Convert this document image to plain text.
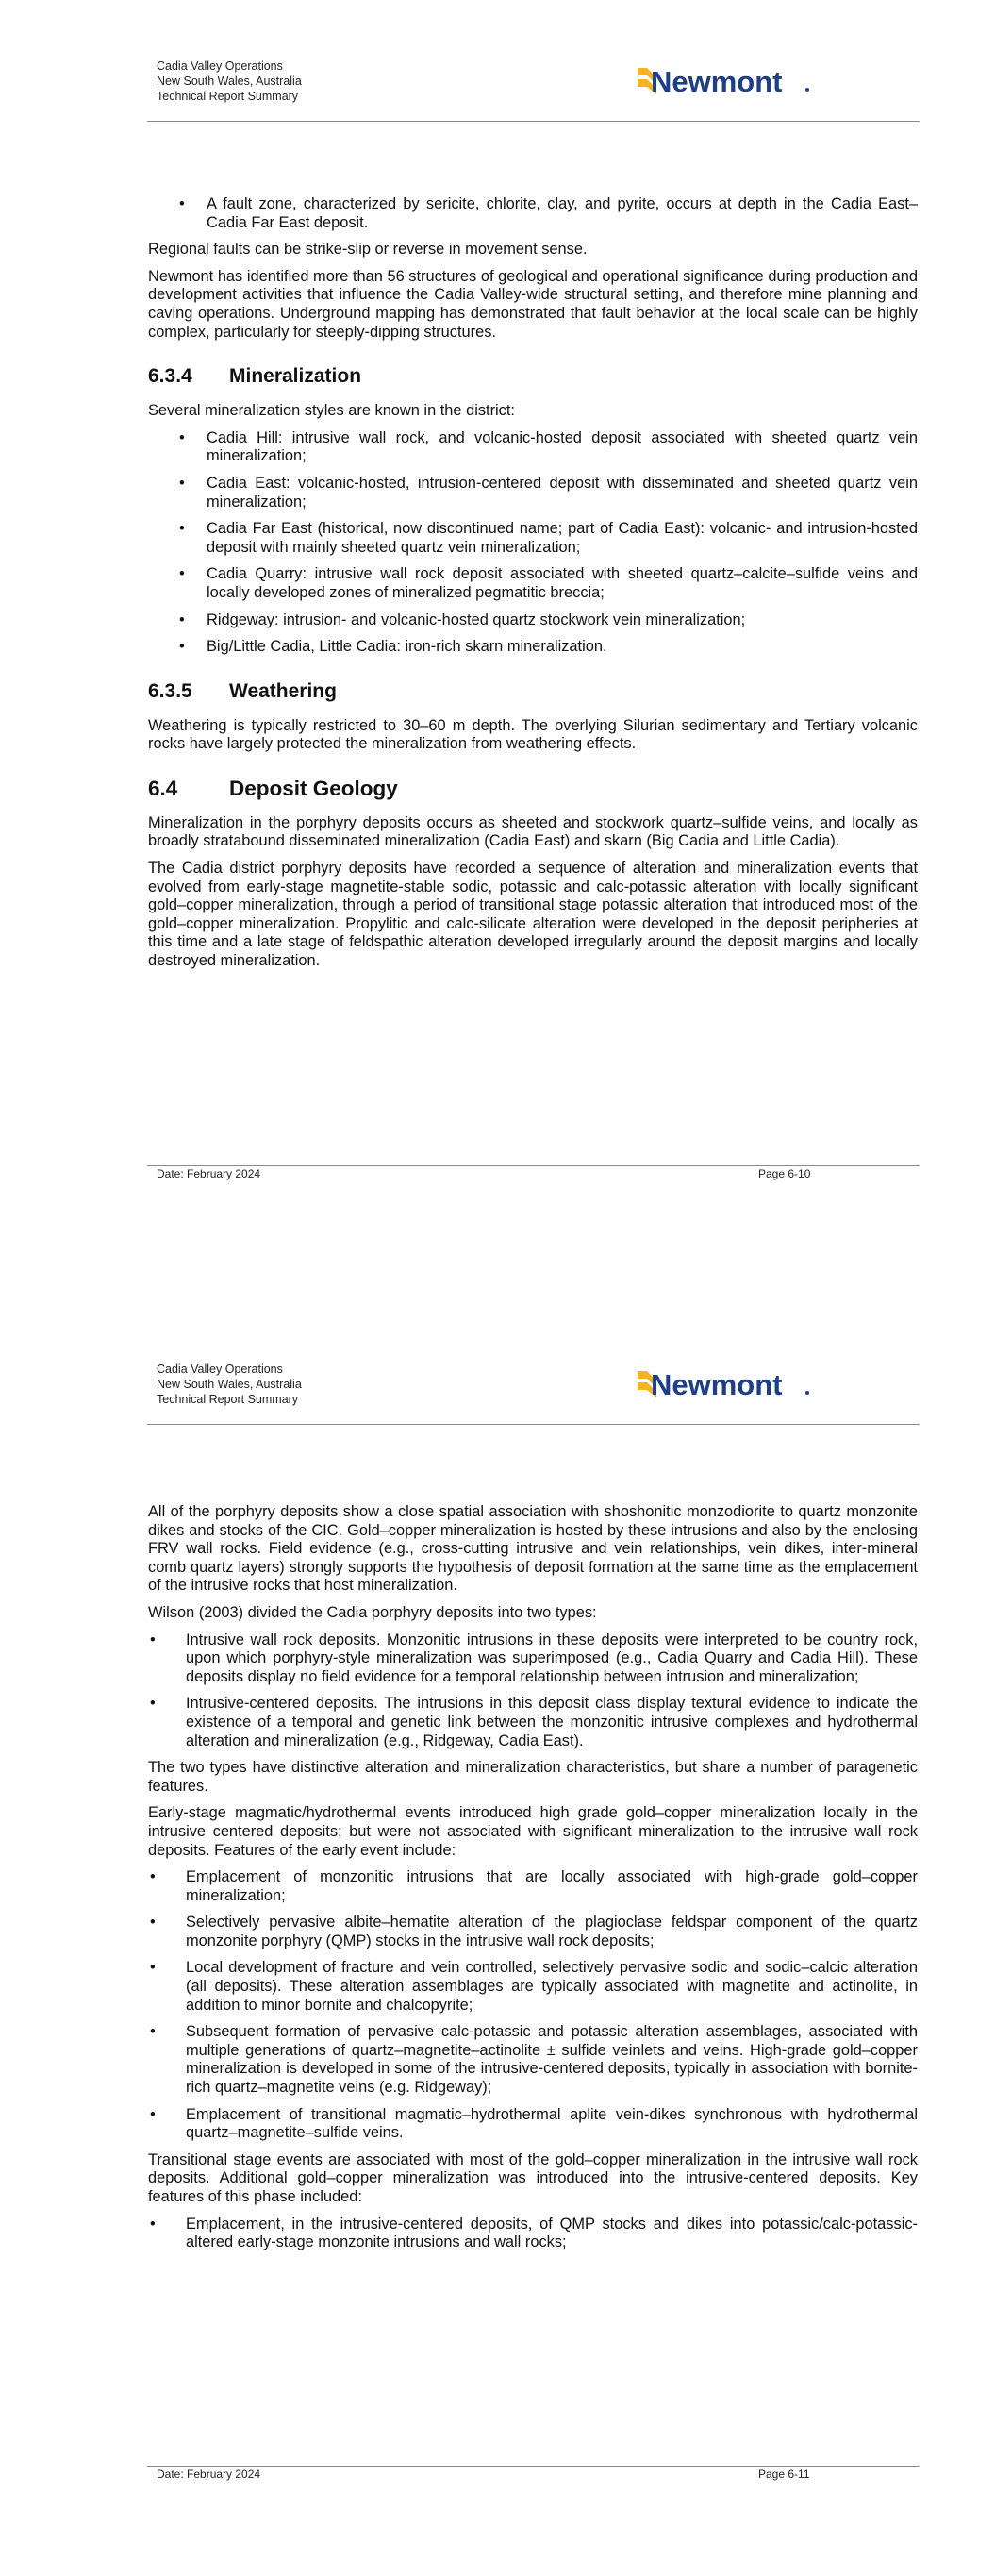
Cadia Valley Operations
New South Wales, Australia
Technical Report Summary	Newmont
• A fault zone, characterized by sericite, chlorite, clay, and pyrite, occurs at depth in the Cadia East–Cadia Far East deposit.

Regional faults can be strike-slip or reverse in movement sense.

Newmont has identified more than 56 structures of geological and operational significance during production and development activities that influence the Cadia Valley-wide structural setting, and therefore mine planning and caving operations. Underground mapping has demonstrated that fault behavior at the local scale can be highly complex, particularly for steeply-dipping structures.

6.3.4 Mineralization

Several mineralization styles are known in the district:

• Cadia Hill: intrusive wall rock, and volcanic-hosted deposit associated with sheeted quartz vein mineralization;
• Cadia East: volcanic-hosted, intrusion-centered deposit with disseminated and sheeted quartz vein mineralization;
• Cadia Far East (historical, now discontinued name; part of Cadia East): volcanic- and intrusion-hosted deposit with mainly sheeted quartz vein mineralization;
• Cadia Quarry: intrusive wall rock deposit associated with sheeted quartz–calcite–sulfide veins and locally developed zones of mineralized pegmatitic breccia;
• Ridgeway: intrusion- and volcanic-hosted quartz stockwork vein mineralization;
• Big/Little Cadia, Little Cadia: iron-rich skarn mineralization.
6.3.5 Weathering

Weathering is typically restricted to 30–60 m depth. The overlying Silurian sedimentary and Tertiary volcanic rocks have largely protected the mineralization from weathering effects.

6.4 Deposit Geology

Mineralization in the porphyry deposits occurs as sheeted and stockwork quartz–sulfide veins, and locally as broadly stratabound disseminated mineralization (Cadia East) and skarn (Big Cadia and Little Cadia).

The Cadia district porphyry deposits have recorded a sequence of alteration and mineralization events that evolved from early-stage magnetite-stable sodic, potassic and calc-potassic alteration with locally significant gold–copper mineralization, through a period of transitional stage potassic alteration that introduced most of the gold–copper mineralization. Propylitic and calc-silicate alteration were developed in the deposit peripheries at this time and a late stage of feldspathic alteration developed irregularly around the deposit margins and locally destroyed mineralization.

Date: February 2024	Page 6-10
Cadia Valley Operations
New South Wales, Australia
Technical Report Summary	Newmont

All of the porphyry deposits show a close spatial association with shoshonitic monzodiorite to quartz monzonite dikes and stocks of the CIC. Gold–copper mineralization is hosted by these intrusions and also by the enclosing FRV wall rocks. Field evidence (e.g., cross-cutting intrusive and vein relationships, vein dikes, inter-mineral comb quartz layers) strongly supports the hypothesis of deposit formation at the same time as the emplacement of the intrusive rocks that host mineralization.

Wilson (2003) divided the Cadia porphyry deposits into two types:

• Intrusive wall rock deposits. Monzonitic intrusions in these deposits were interpreted to be country rock, upon which porphyry-style mineralization was superimposed (e.g., Cadia Quarry and Cadia Hill). These deposits display no field evidence for a temporal relationship between intrusion and mineralization;
• Intrusive-centered deposits. The intrusions in this deposit class display textural evidence to indicate the existence of a temporal and genetic link between the monzonitic intrusive complexes and hydrothermal alteration and mineralization (e.g., Ridgeway, Cadia East).

The two types have distinctive alteration and mineralization characteristics, but share a number of paragenetic features.

Early-stage magmatic/hydrothermal events introduced high grade gold–copper mineralization locally in the intrusive centered deposits; but were not associated with significant mineralization to the intrusive wall rock deposits. Features of the early event include:

• Emplacement of monzonitic intrusions that are locally associated with high-grade gold–copper mineralization;
• Selectively pervasive albite–hematite alteration of the plagioclase feldspar component of the quartz monzonite porphyry (QMP) stocks in the intrusive wall rock deposits;
• Local development of fracture and vein controlled, selectively pervasive sodic and sodic–calcic alteration (all deposits). These alteration assemblages are typically associated with magnetite and actinolite, in addition to minor bornite and chalcopyrite;
• Subsequent formation of pervasive calc-potassic and potassic alteration assemblages, associated with multiple generations of quartz–magnetite–actinolite ± sulfide veinlets and veins. High-grade gold–copper mineralization is developed in some of the intrusive-centered deposits, typically in association with bornite-rich quartz–magnetite veins (e.g. Ridgeway);
• Emplacement of transitional magmatic–hydrothermal aplite vein-dikes synchronous with hydrothermal quartz–magnetite–sulfide veins.

Transitional stage events are associated with most of the gold–copper mineralization in the intrusive wall rock deposits. Additional gold–copper mineralization was introduced into the intrusive-centered deposits. Key features of this phase included:

• Emplacement, in the intrusive-centered deposits, of QMP stocks and dikes into potassic/calc-potassic-altered early-stage monzonite intrusions and wall rocks;
Date: February 2024	Page 6-11
